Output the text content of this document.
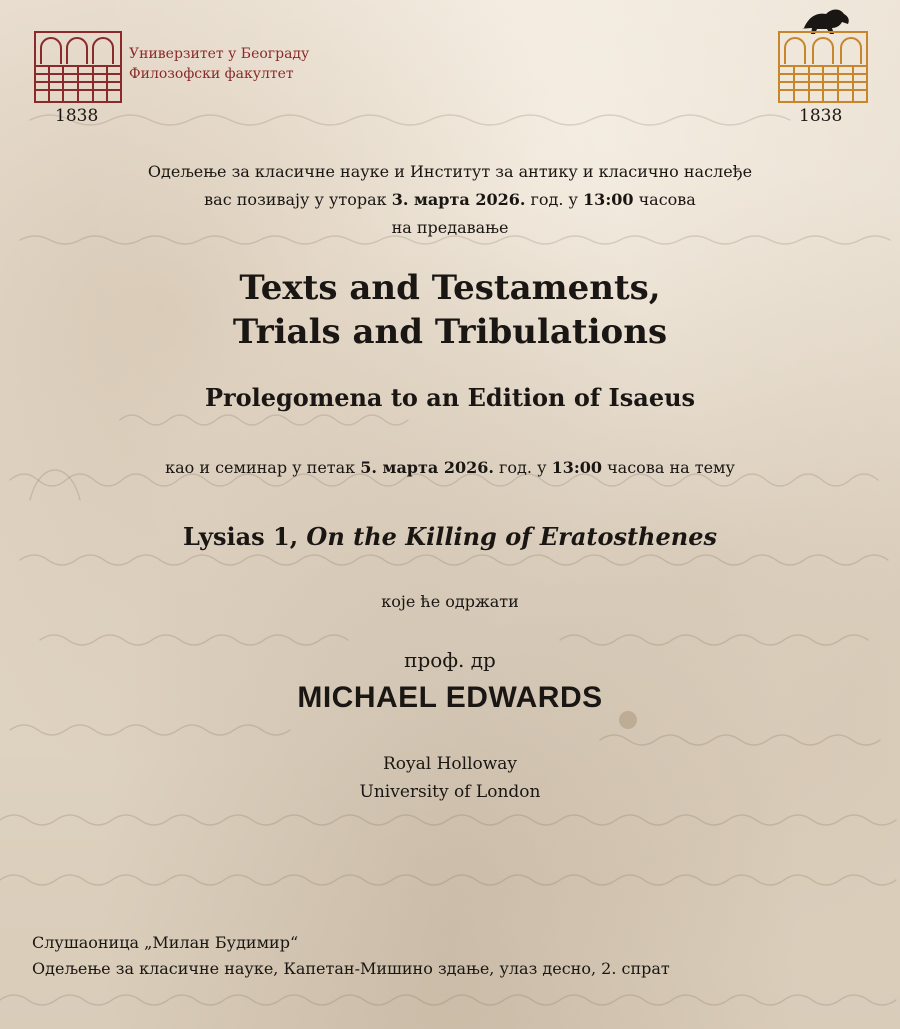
Универзитет у Београду
Филозофски факултет
1838	1838
Одељење за класичне науке и Институт за антику и класично наслеђе
вас позивају у уторак 3. марта 2026. год. у 13:00 часова
на предавање
Texts and Testaments,
Trials and Tribulations
Prolegomena to an Edition of Isaeus
као и семинар у петак 5. марта 2026. год. у 13:00 часова на тему
Lysias 1, On the Killing of Eratosthenes
које ће одржати
проф. др
MICHAEL EDWARDS
Royal Holloway
University of London
Слушаоница „Милан Будимир“
Одељење за класичне науке, Капетан-Мишино здање, улаз десно, 2. спрат
